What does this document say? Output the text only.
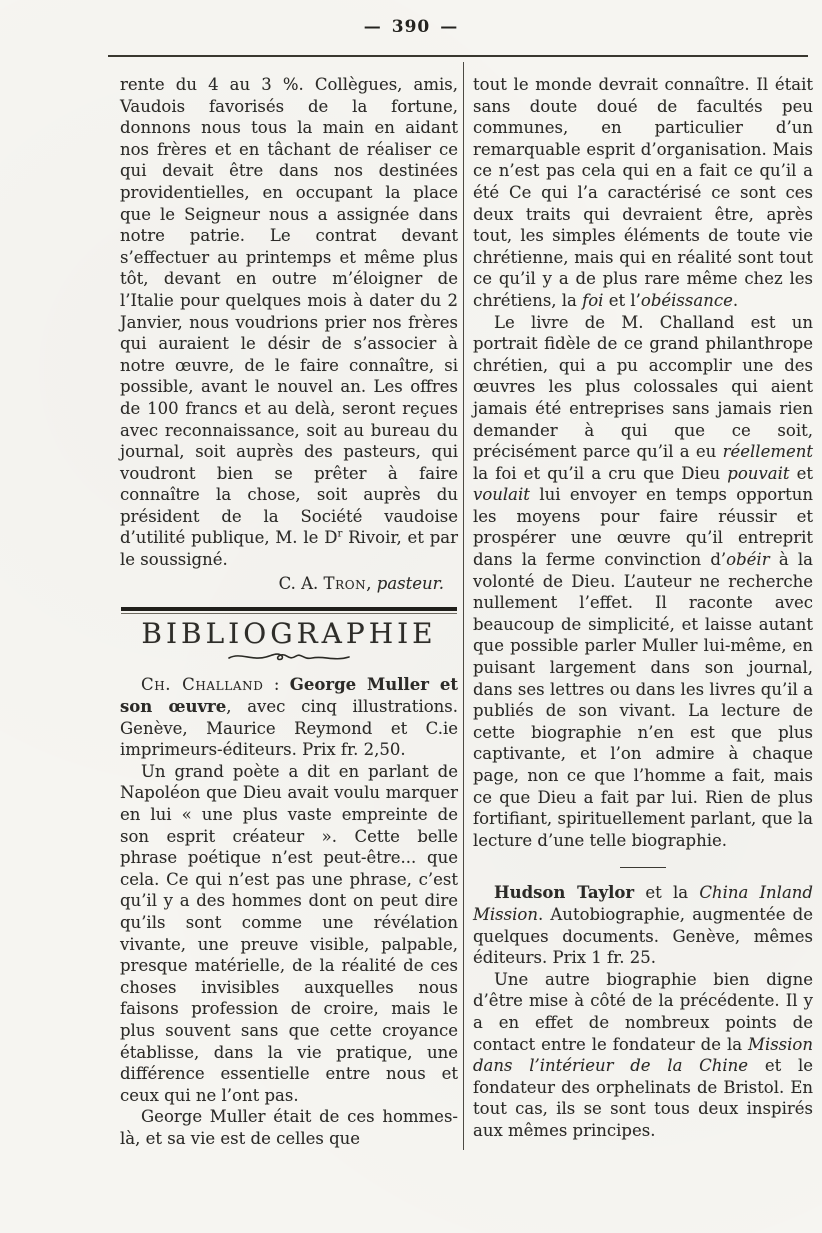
— 390 —

rente du 4 au 3 %. Collègues, amis, Vaudois favorisés de la fortune, donnons nous tous la main en aidant nos frères et en tâchant de réaliser ce qui devait être dans nos destinées providentielles, en occupant la place que le Seigneur nous a assignée dans notre patrie. Le contrat devant s’effectuer au printemps et même plus tôt, devant en outre m’éloigner de l’Italie pour quelques mois à dater du 2 Janvier, nous voudrions prier nos frères qui auraient le désir de s’associer à notre œuvre, de le faire connaître, si possible, avant le nouvel an. Les offres de 100 francs et au delà, seront reçues avec reconnaissance, soit au bureau du journal, soit auprès des pasteurs, qui voudront bien se prêter à faire connaître la chose, soit auprès du président de la Société vaudoise d’utilité publique, M. le $D^r$ Rivoir, et par le soussigné.

C. A. Tron, pasteur.

BIBLIOGRAPHIE

Ch. Challand : George Muller et son œuvre, avec cinq illustrations. Genève, Maurice Reymond et C.ie imprimeurs-éditeurs. Prix fr. 2,50.

Un grand poète a dit en parlant de Napoléon que Dieu avait voulu marquer en lui « une plus vaste empreinte de son esprit créateur ». Cette belle phrase poétique n’est peut-être... que cela. Ce qui n’est pas une phrase, c’est qu’il y a des hommes dont on peut dire qu’ils sont comme une révélation vivante, une preuve visible, palpable, presque matérielle, de la réalité de ces choses invisibles auxquelles nous faisons profession de croire, mais le plus souvent sans que cette croyance établisse, dans la vie pratique, une différence essentielle entre nous et ceux qui ne l’ont pas.

George Muller était de ces hommes-là, et sa vie est de celles que

tout le monde devrait connaître. Il était sans doute doué de facultés peu communes, en particulier d’un remarquable esprit d’organisation. Mais ce n’est pas cela qui en a fait ce qu’il a été Ce qui l’a caractérisé ce sont ces deux traits qui devraient être, après tout, les simples éléments de toute vie chrétienne, mais qui en réalité sont tout ce qu’il y a de plus rare même chez les chrétiens, la foi et l’obéissance.

Le livre de M. Challand est un portrait fidèle de ce grand philanthrope chrétien, qui a pu accomplir une des œuvres les plus colossales qui aient jamais été entreprises sans jamais rien demander à qui que ce soit, précisément parce qu’il a eu réellement la foi et qu’il a cru que Dieu pouvait et voulait lui envoyer en temps opportun les moyens pour faire réussir et prospérer une œuvre qu’il entreprit dans la ferme convinction d’obéir à la volonté de Dieu. L’auteur ne recherche nullement l’effet. Il raconte avec beaucoup de simplicité, et laisse autant que possible parler Muller lui-même, en puisant largement dans son journal, dans ses lettres ou dans les livres qu’il a publiés de son vivant. La lecture de cette biographie n’en est que plus captivante, et l’on admire à chaque page, non ce que l’homme a fait, mais ce que Dieu a fait par lui. Rien de plus fortifiant, spirituellement parlant, que la lecture d’une telle biographie.

Hudson Taylor et la China Inland Mission. Autobiographie, augmentée de quelques documents. Genève, mêmes éditeurs. Prix 1 fr. 25.

Une autre biographie bien digne d’être mise à côté de la précédente. Il y a en effet de nombreux points de contact entre le fondateur de la Mission dans l’intérieur de la Chine et le fondateur des orphelinats de Bristol. En tout cas, ils se sont tous deux inspirés aux mêmes principes.
